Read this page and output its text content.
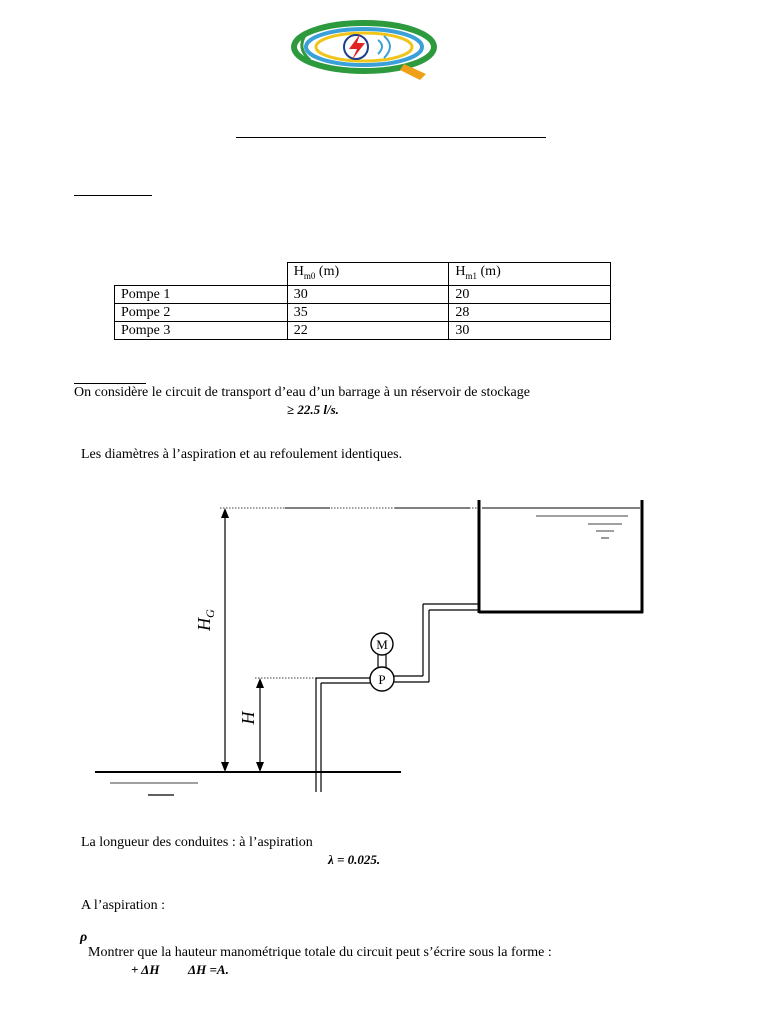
	$H_{m0}$ (m)	$H_{m1}$ (m)
Pompe 1	30	20
Pompe 2	35	28
Pompe 3	22	30
On considère le circuit de transport d’eau d’un barrage à un réservoir de stockage
≥ 22.5 l/s.
Les diamètres à l’aspiration et au refoulement identiques.
P
M
$H_G$
H
La longueur des conduites : à l’aspiration
λ = 0.025.
A l’aspiration :
ρ
Montrer que la hauteur manométrique totale du circuit peut s’écrire sous la forme :
+ ΔH ΔH =A.
